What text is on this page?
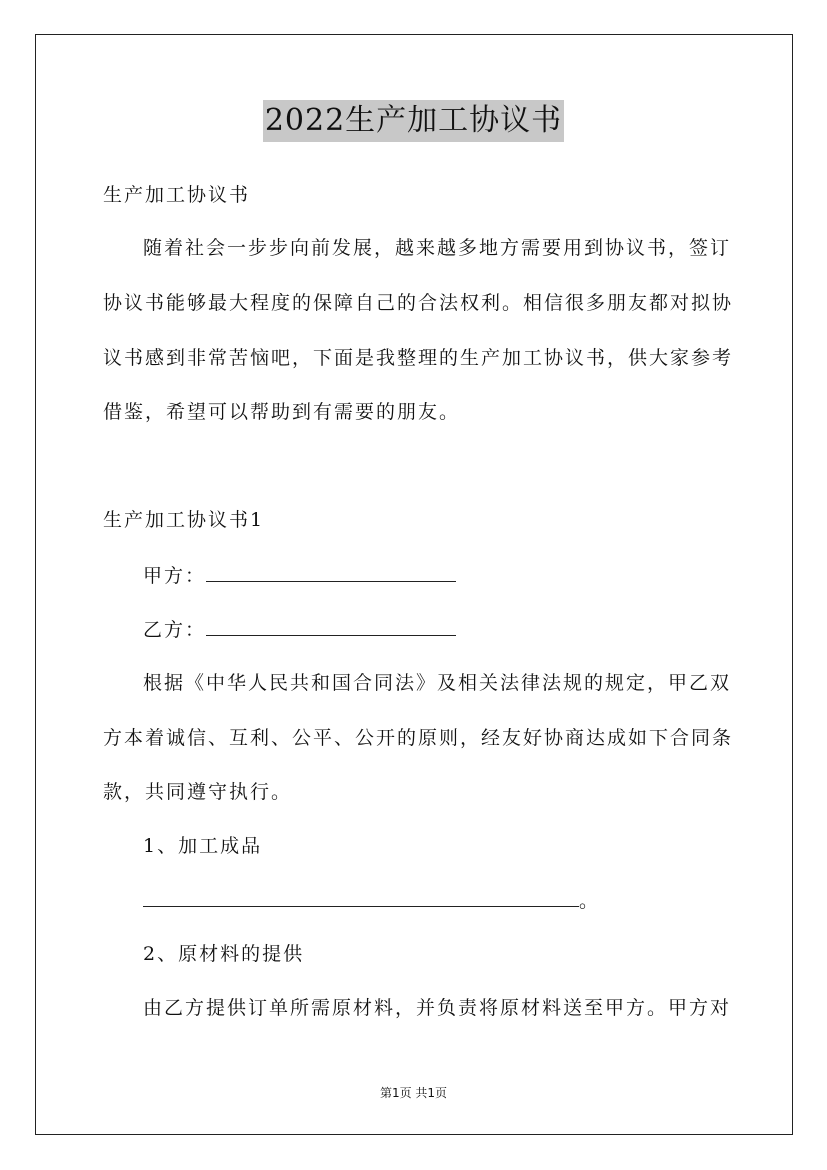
2022生产加工协议书
生产加工协议书
随着社会一步步向前发展，越来越多地方需要用到协议书，签订
协议书能够最大程度的保障自己的合法权利。相信很多朋友都对拟协
议书感到非常苦恼吧，下面是我整理的生产加工协议书，供大家参考
借鉴，希望可以帮助到有需要的朋友。
生产加工协议书1
甲方：
乙方：
根据《中华人民共和国合同法》及相关法律法规的规定，甲乙双
方本着诚信、互利、公平、公开的原则，经友好协商达成如下合同条
款，共同遵守执行。
1、加工成品
。
2、原材料的提供
由乙方提供订单所需原材料，并负责将原材料送至甲方。甲方对
第1页 共1页
